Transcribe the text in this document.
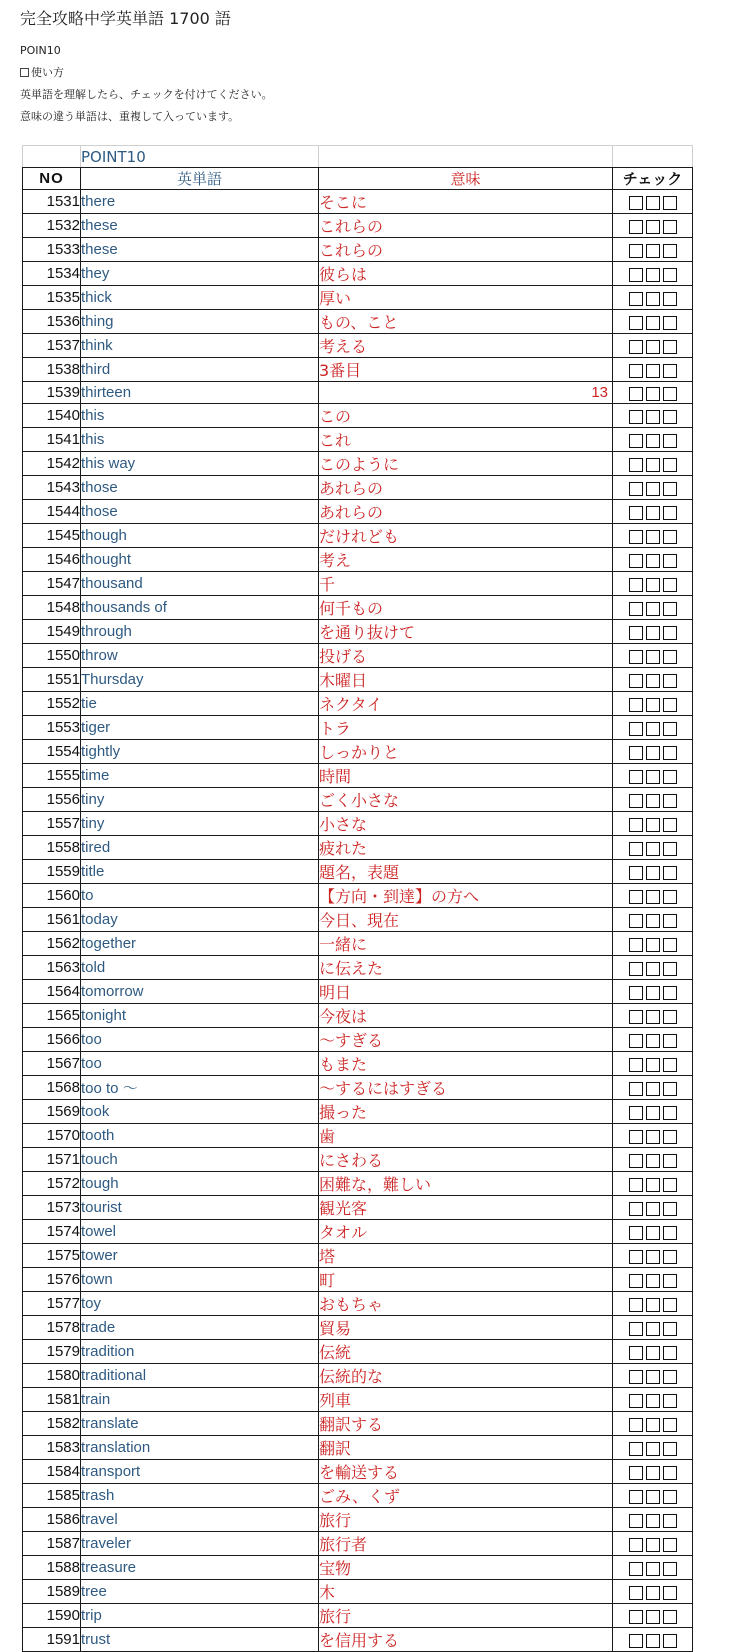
完全攻略中学英単語 1700 語
POIN10
使い方
英単語を理解したら、チェックを付けてください。
意味の違う単語は、重複して入っています。
	POINT10		
NO	英単語	意味	チェック
1531	there	そこに	
1532	these	これらの	
1533	these	これらの	
1534	they	彼らは	
1535	thick	厚い	
1536	thing	もの、こと	
1537	think	考える	
1538	third	3番目	
1539	thirteen	13	
1540	this	この	
1541	this	これ	
1542	this way	このように	
1543	those	あれらの	
1544	those	あれらの	
1545	though	だけれども	
1546	thought	考え	
1547	thousand	千	
1548	thousands of	何千もの	
1549	through	を通り抜けて	
1550	throw	投げる	
1551	Thursday	木曜日	
1552	tie	ネクタイ	
1553	tiger	トラ	
1554	tightly	しっかりと	
1555	time	時間	
1556	tiny	ごく小さな	
1557	tiny	小さな	
1558	tired	疲れた	
1559	title	題名，表題	
1560	to	【方向・到達】の方へ	
1561	today	今日、現在	
1562	together	一緒に	
1563	told	に伝えた	
1564	tomorrow	明日	
1565	tonight	今夜は	
1566	too	～すぎる	
1567	too	もまた	
1568	too to ～	～するにはすぎる	
1569	took	撮った	
1570	tooth	歯	
1571	touch	にさわる	
1572	tough	困難な，難しい	
1573	tourist	観光客	
1574	towel	タオル	
1575	tower	塔	
1576	town	町	
1577	toy	おもちゃ	
1578	trade	貿易	
1579	tradition	伝統	
1580	traditional	伝統的な	
1581	train	列車	
1582	translate	翻訳する	
1583	translation	翻訳	
1584	transport	を輸送する	
1585	trash	ごみ、くず	
1586	travel	旅行	
1587	traveler	旅行者	
1588	treasure	宝物	
1589	tree	木	
1590	trip	旅行	
1591	trust	を信用する	
